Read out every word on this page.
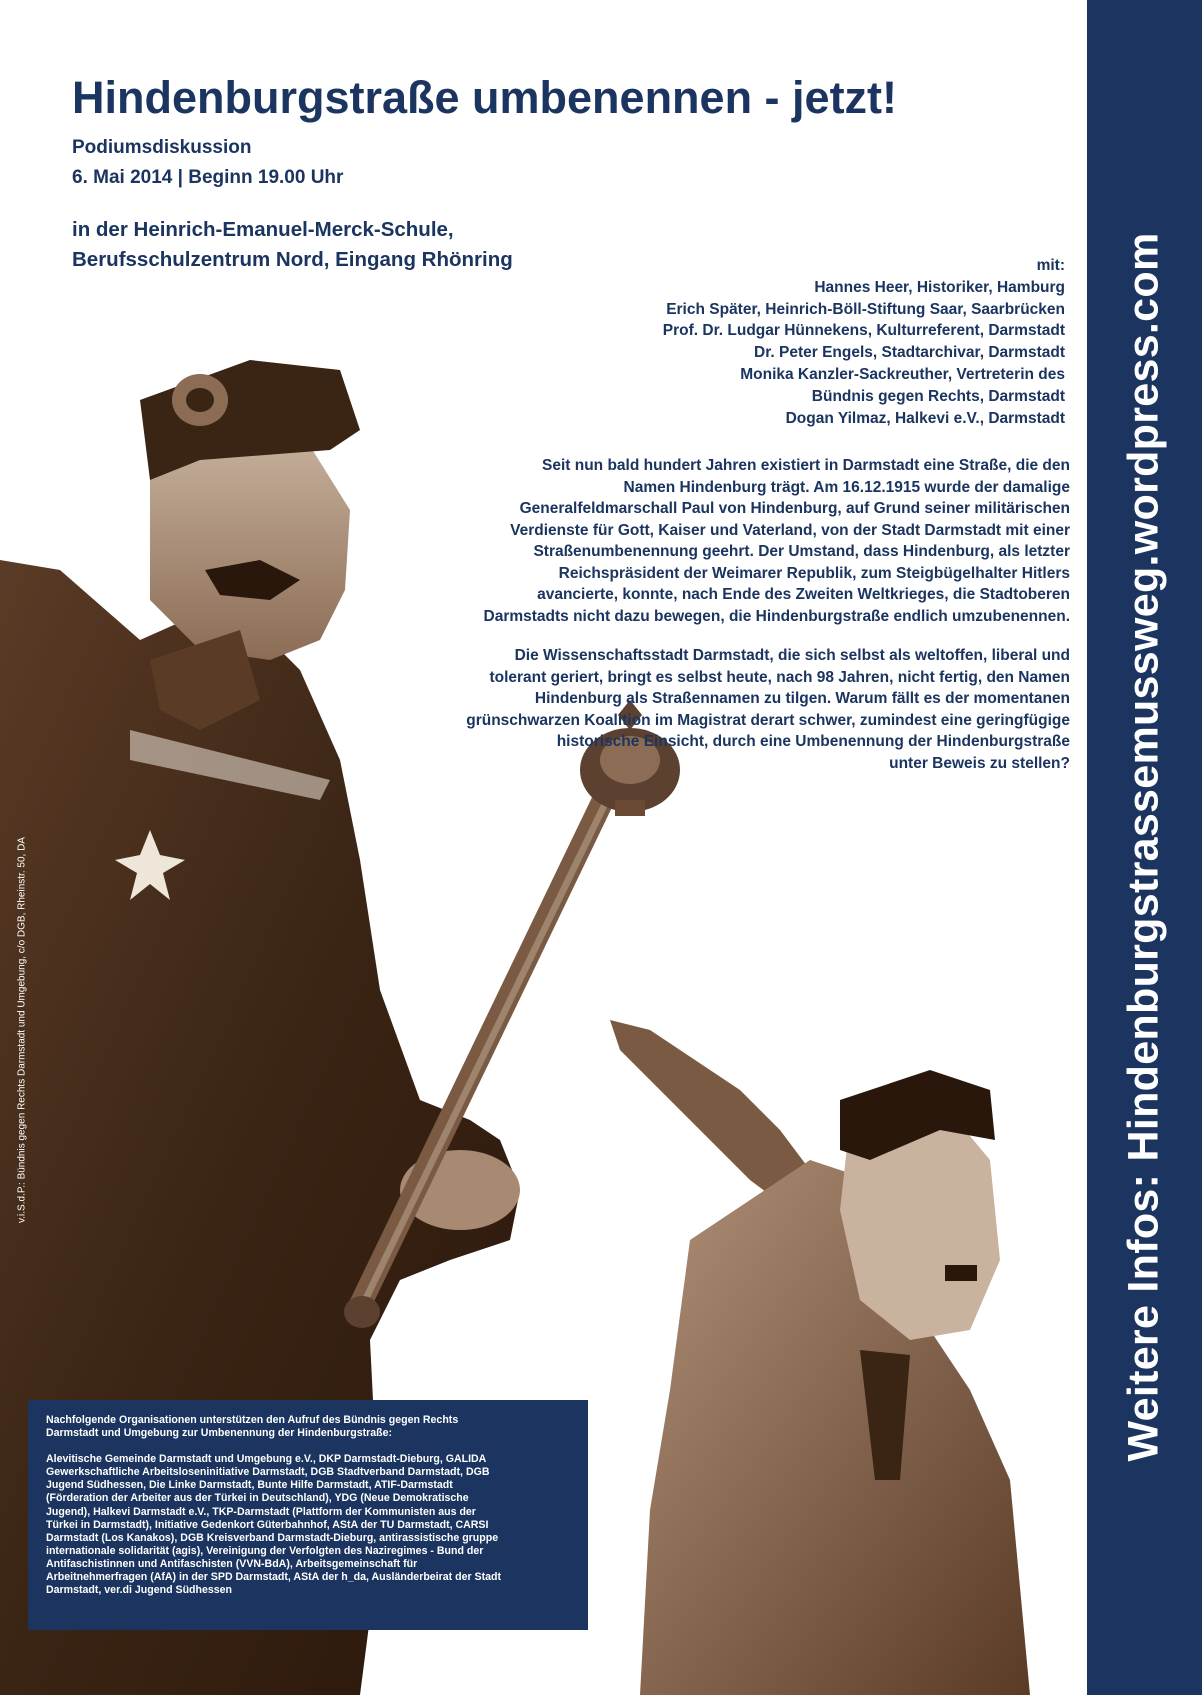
Weitere Infos: Hindenburgstrassemussweg.wordpress.com
Hindenburgstraße umbenennen - jetzt!

Podiumsdiskussion

6. Mai 2014 | Beginn 19.00 Uhr

in der Heinrich-Emanuel-Merck-Schule,

Berufsschulzentrum Nord, Eingang Rhönring	mit:
Hannes Heer, Historiker, Hamburg
Erich Später, Heinrich-Böll-Stiftung Saar, Saarbrücken
Prof. Dr. Ludgar Hünnekens, Kulturreferent, Darmstadt
Dr. Peter Engels, Stadtarchivar, Darmstadt
Monika Kanzler-Sackreuther, Vertreterin des
Bündnis gegen Rechts, Darmstadt
Dogan Yilmaz, Halkevi e.V., Darmstadt
Seit nun bald hundert Jahren existiert in Darmstadt eine Straße, die den
Namen Hindenburg trägt. Am 16.12.1915 wurde der damalige
Generalfeldmarschall Paul von Hindenburg, auf Grund seiner militärischen
Verdienste für Gott, Kaiser und Vaterland, von der Stadt Darmstadt mit einer
Straßenumbenennung geehrt. Der Umstand, dass Hindenburg, als letzter
Reichspräsident der Weimarer Republik, zum Steigbügelhalter Hitlers
avancierte, konnte, nach Ende des Zweiten Weltkrieges, die Stadtoberen
Darmstadts nicht dazu bewegen, die Hindenburgstraße endlich umzubenennen.
Die Wissenschaftsstadt Darmstadt, die sich selbst als weltoffen, liberal und
tolerant geriert, bringt es selbst heute, nach 98 Jahren, nicht fertig, den Namen
Hindenburg als Straßennamen zu tilgen. Warum fällt es der momentanen
grünschwarzen Koalition im Magistrat derart schwer, zumindest eine geringfügige
historische Einsicht, durch eine Umbenennung der Hindenburgstraße
unter Beweis zu stellen?
v.i.S.d.P.: Bündnis gegen Rechts Darmstadt und Umgebung, c/o DGB, Rheinstr. 50, DA
Nachfolgende Organisationen unterstützen den Aufruf des Bündnis gegen Rechts
Darmstadt und Umgebung zur Umbenennung der Hindenburgstraße:
Alevitische Gemeinde Darmstadt und Umgebung e.V., DKP Darmstadt-Dieburg, GALIDA
Gewerkschaftliche Arbeitsloseninitiative Darmstadt, DGB Stadtverband Darmstadt, DGB
Jugend Südhessen, Die Linke Darmstadt, Bunte Hilfe Darmstadt, ATIF-Darmstadt
(Förderation der Arbeiter aus der Türkei in Deutschland), YDG (Neue Demokratische
Jugend), Halkevi Darmstadt e.V., TKP-Darmstadt (Plattform der Kommunisten aus der
Türkei in Darmstadt), Initiative Gedenkort Güterbahnhof, AStA der TU Darmstadt, CARSI
Darmstadt (Los Kanakos), DGB Kreisverband Darmstadt-Dieburg, antirassistische gruppe
internationale solidarität (agis), Vereinigung der Verfolgten des Naziregimes - Bund der
Antifaschistinnen und Antifaschisten (VVN-BdA), Arbeitsgemeinschaft für
Arbeitnehmerfragen (AfA) in der SPD Darmstadt, AStA der h_da, Ausländerbeirat der Stadt
Darmstadt, ver.di Jugend Südhessen
